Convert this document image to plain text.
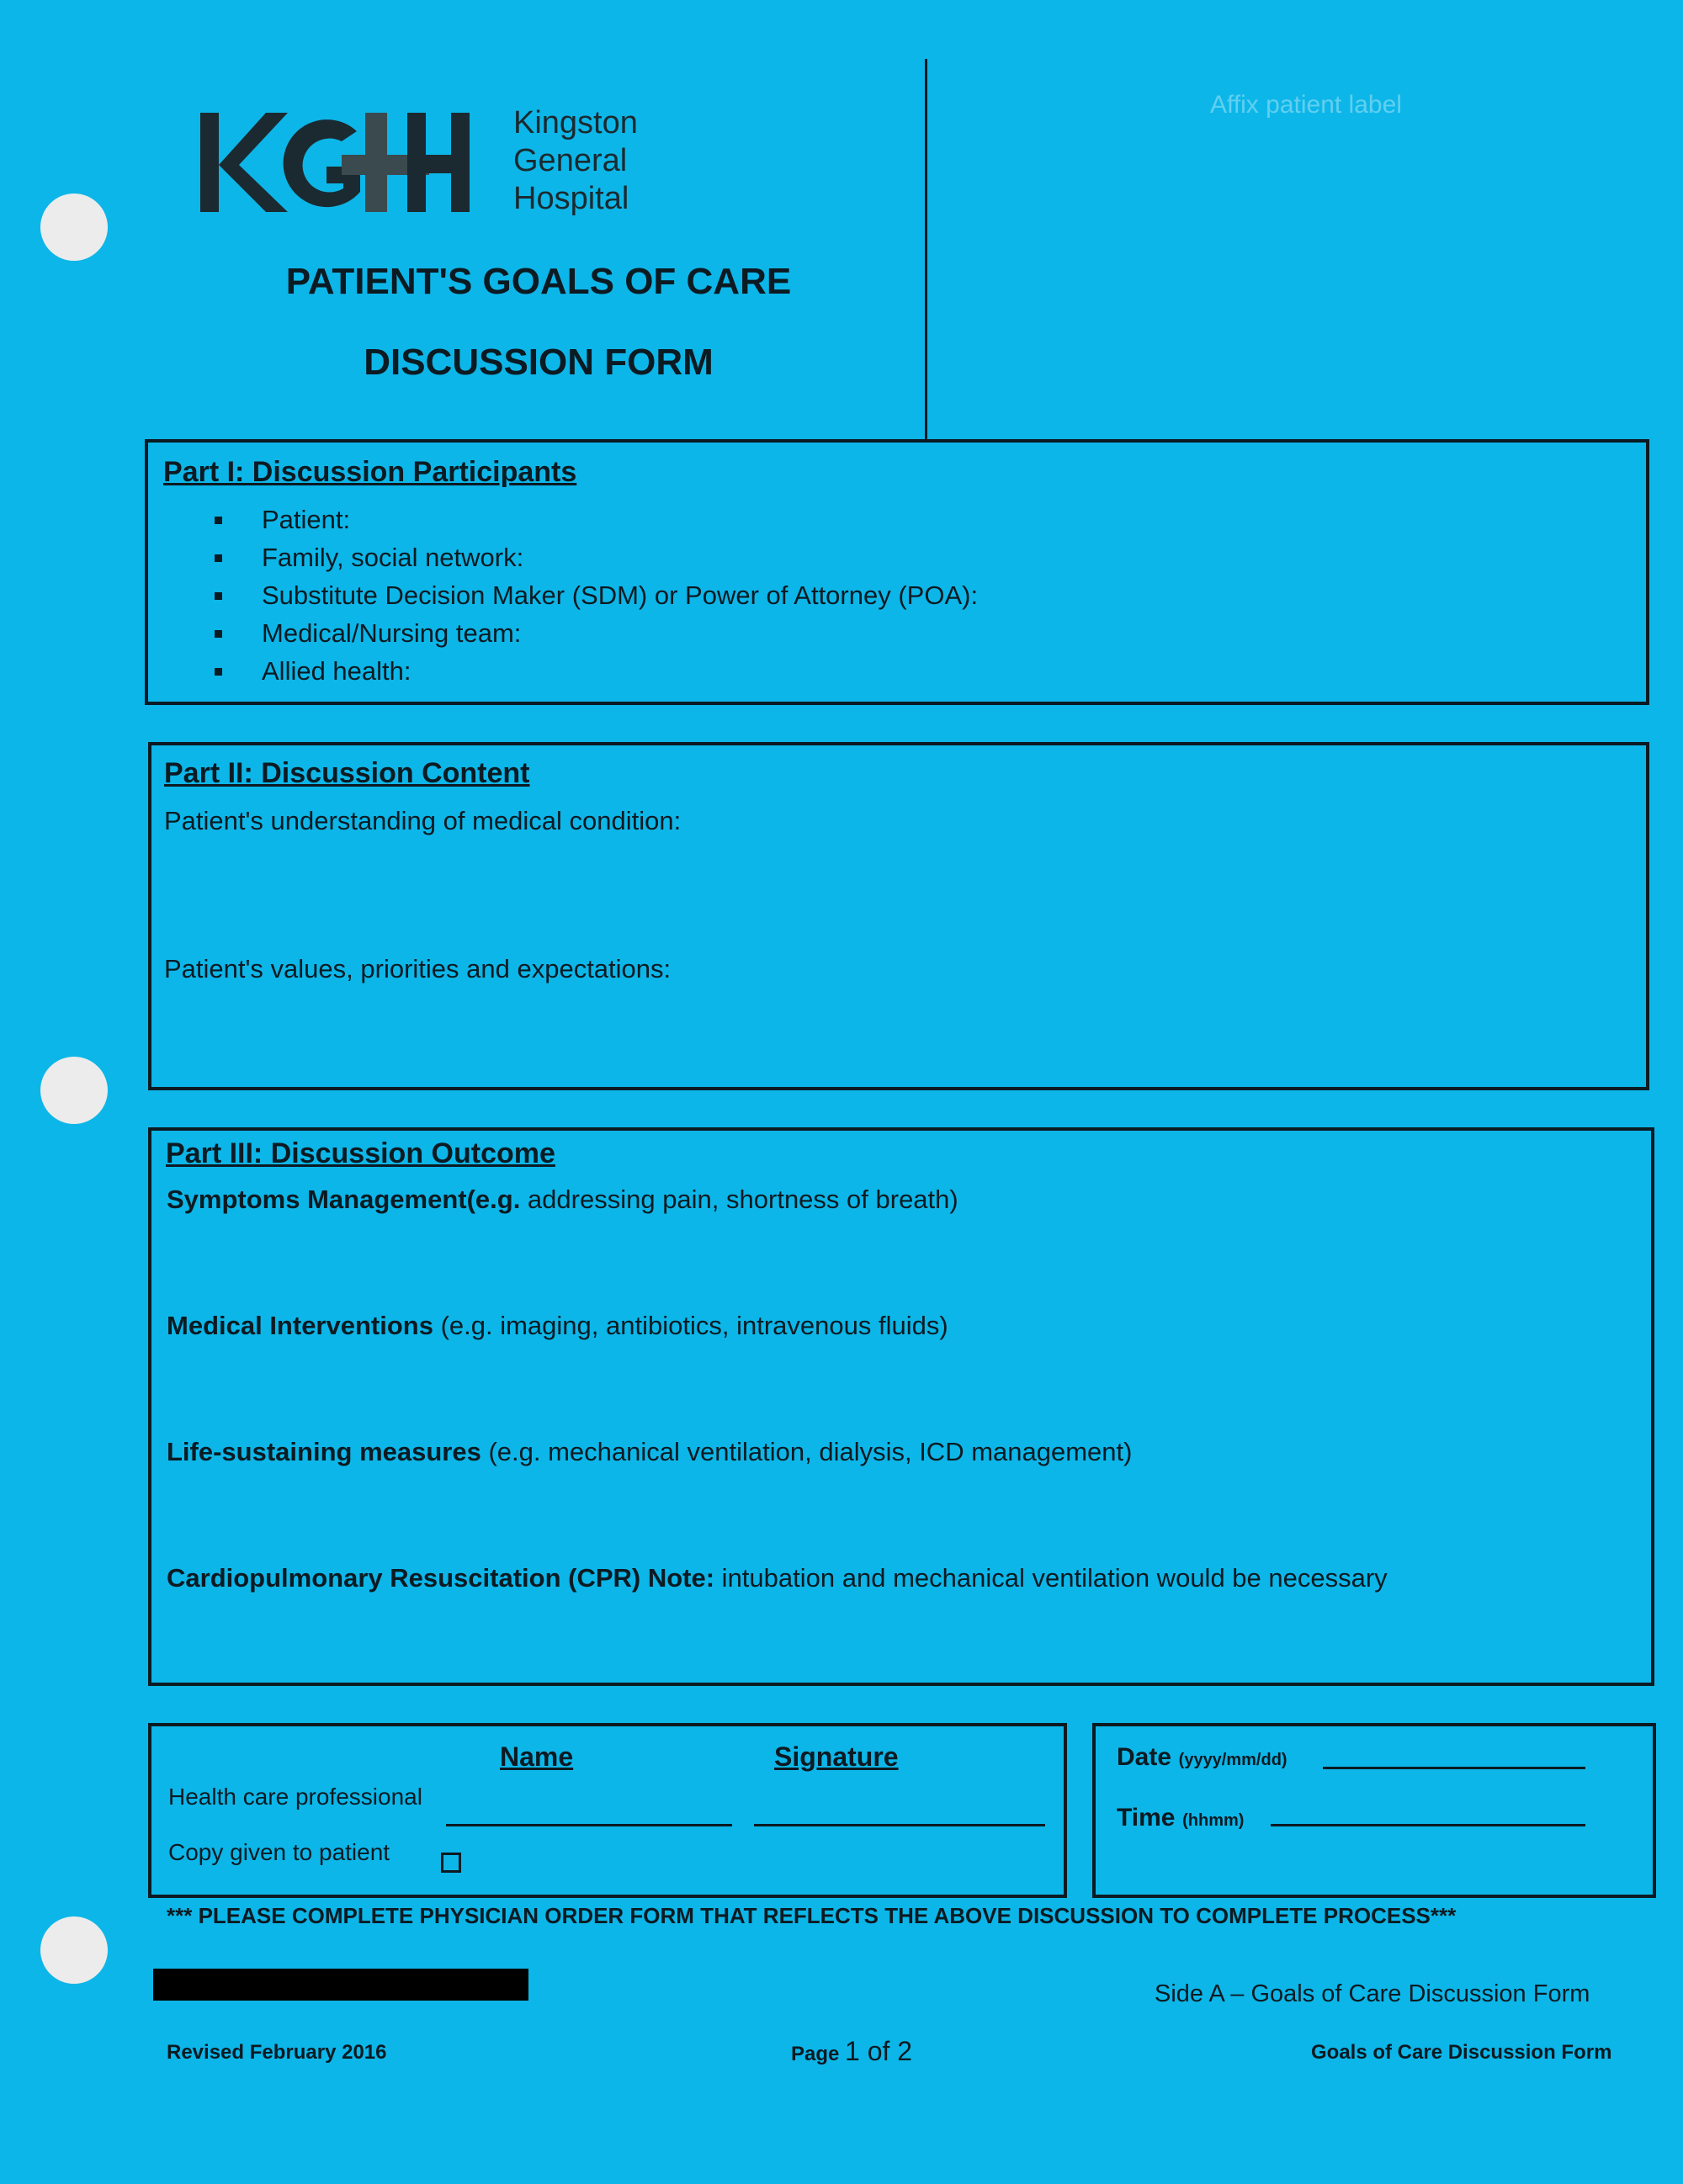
Kingston
General
Hospital
PATIENT'S GOALS OF CARE
DISCUSSION FORM
Affix patient label
Part I: Discussion Participants
Patient:
Family, social network:
Substitute Decision Maker (SDM) or Power of Attorney (POA):
Medical/Nursing team:
Allied health:
Part II: Discussion Content
Patient's understanding of medical condition:
Patient's values, priorities and expectations:
Part III: Discussion Outcome
Symptoms Management(e.g. addressing pain, shortness of breath)
Medical Interventions (e.g. imaging, antibiotics, intravenous fluids)
Life-sustaining measures (e.g. mechanical ventilation, dialysis, ICD management)
Cardiopulmonary Resuscitation (CPR) Note: intubation and mechanical ventilation would be necessary
Name	Signature
Health care professional
Copy given to patient
Date (yyyy/mm/dd)
Time (hhmm)
*** PLEASE COMPLETE PHYSICIAN ORDER FORM THAT REFLECTS THE ABOVE DISCUSSION TO COMPLETE PROCESS***
Side A – Goals of Care Discussion Form
Revised February 2016	Page 1 of 2	Goals of Care Discussion Form
